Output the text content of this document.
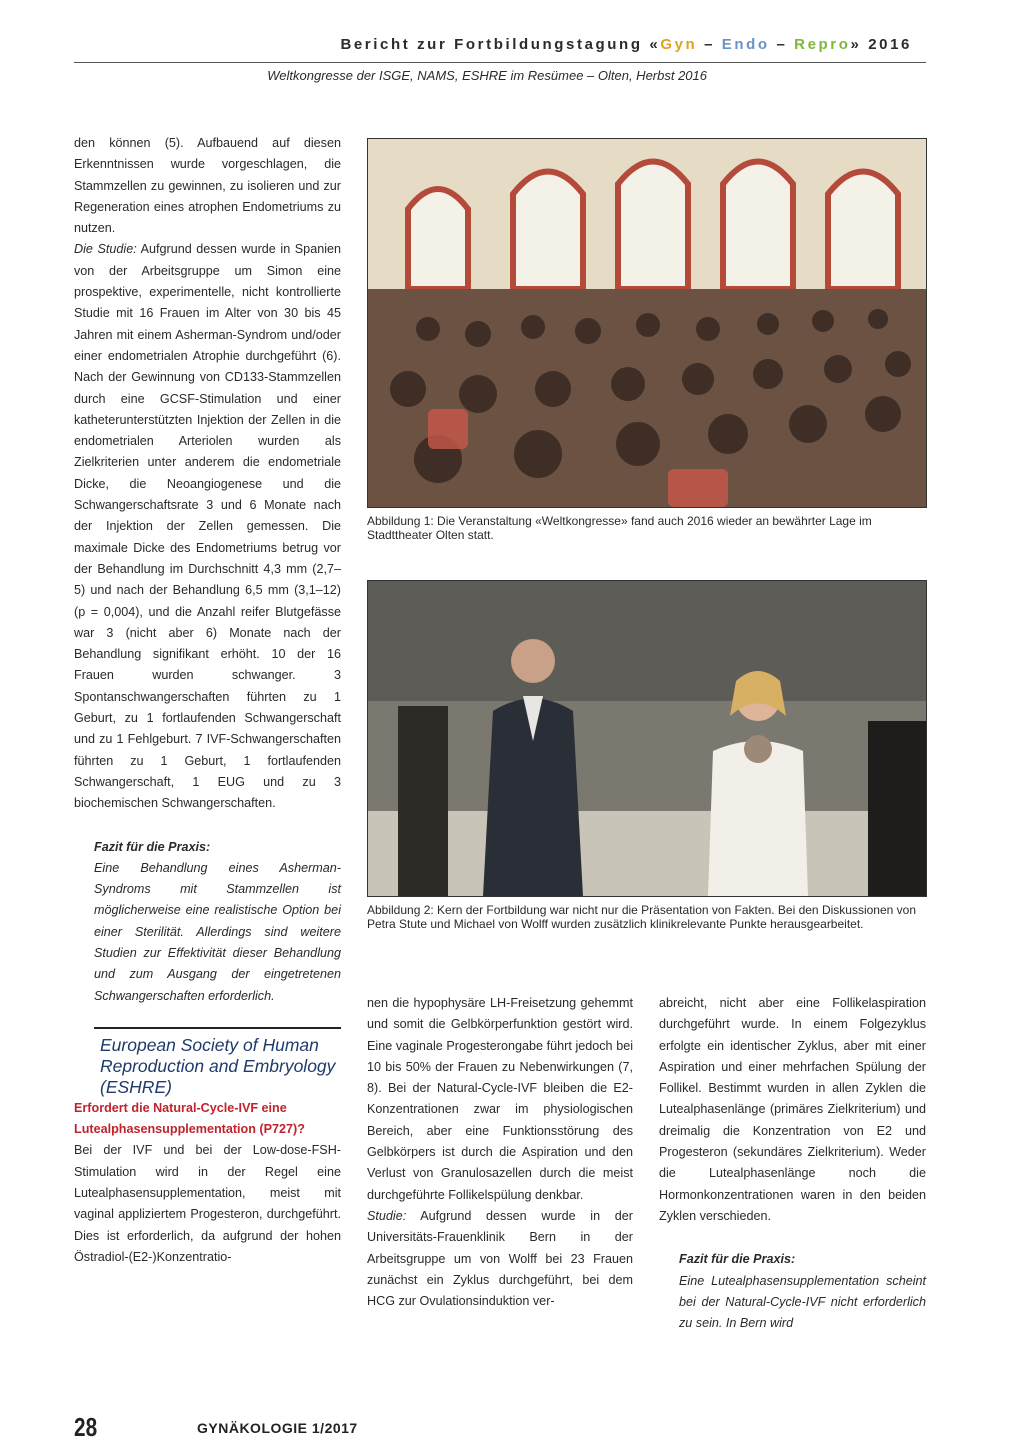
Bericht zur Fortbildungstagung «Gyn – Endo – Repro» 2016
Weltkongresse der ISGE, NAMS, ESHRE im Resümee – Olten, Herbst 2016

den können (5). Aufbauend auf diesen Erkenntnissen wurde vorgeschlagen, die Stammzellen zu gewinnen, zu isolieren und zur Regeneration eines atrophen Endometriums zu nutzen.

Die Studie: Aufgrund dessen wurde in Spanien von der Arbeitsgruppe um Simon eine prospektive, experimentelle, nicht kontrollierte Studie mit 16 Frauen im Alter von 30 bis 45 Jahren mit einem Asherman-Syndrom und/oder einer endometrialen Atrophie durchgeführt (6). Nach der Gewinnung von CD133-Stammzellen durch eine GCSF-Stimulation und einer katheterunterstützten Injektion der Zellen in die endometrialen Arteriolen wurden als Zielkriterien unter anderem die endometriale Dicke, die Neoangiogenese und die Schwangerschaftsrate 3 und 6 Monate nach der Injektion der Zellen gemessen. Die maximale Dicke des Endometriums betrug vor der Behandlung im Durchschnitt 4,3 mm (2,7–5) und nach der Behandlung 6,5 mm (3,1–12) (p = 0,004), und die Anzahl reifer Blutgefässe war 3 (nicht aber 6) Monate nach der Behandlung signifikant erhöht. 10 der 16 Frauen wurden schwanger. 3 Spontanschwangerschaften führten zu 1 Geburt, zu 1 fortlaufenden Schwangerschaft und zu 1 Fehlgeburt. 7 IVF-Schwangerschaften führten zu 1 Geburt, 1 fortlaufenden Schwangerschaft, 1 EUG und zu 3 biochemischen Schwangerschaften.

Fazit für die Praxis:
Eine Behandlung eines Asherman-Syndroms mit Stammzellen ist möglicherweise eine realistische Option bei einer Sterilität. Allerdings sind weitere Studien zur Effektivität dieser Behandlung und zum Ausgang der eingetretenen Schwangerschaften erforderlich.
European Society of Human Reproduction and Embryology (ESHRE)
Erfordert die Natural-Cycle-IVF eine Lutealphasensupplementation (P727)?

Bei der IVF und bei der Low-dose-FSH-Stimulation wird in der Regel eine Lutealphasensupplementation, meist mit vaginal appliziertem Progesteron, durchgeführt. Dies ist erforderlich, da aufgrund der hohen Östradiol-(E2-)Konzentratio-

Abbildung 1: Die Veranstaltung «Weltkongresse» fand auch 2016 wieder an bewährter Lage im Stadttheater Olten statt.
Abbildung 2: Kern der Fortbildung war nicht nur die Präsentation von Fakten. Bei den Diskussionen von Petra Stute und Michael von Wolff wurden zusätzlich klinikrelevante Punkte herausgearbeitet.

nen die hypophysäre LH-Freisetzung gehemmt und somit die Gelbkörperfunktion gestört wird. Eine vaginale Progesterongabe führt jedoch bei 10 bis 50% der Frauen zu Nebenwirkungen (7, 8). Bei der Natural-Cycle-IVF bleiben die E2-Konzentrationen zwar im physiologischen Bereich, aber eine Funktionsstörung des Gelbkörpers ist durch die Aspiration und den Verlust von Granulosazellen durch die meist durchgeführte Follikelspülung denkbar.

Studie: Aufgrund dessen wurde in der Universitäts-Frauenklinik Bern in der Arbeitsgruppe um von Wolff bei 23 Frauen zunächst ein Zyklus durchgeführt, bei dem HCG zur Ovulationsinduktion ver-

abreicht, nicht aber eine Follikelaspiration durchgeführt wurde. In einem Folgezyklus erfolgte ein identischer Zyklus, aber mit einer Aspiration und einer mehrfachen Spülung der Follikel. Bestimmt wurden in allen Zyklen die Lutealphasenlänge (primäres Zielkriterium) und dreimalig die Konzentration von E2 und Progesteron (sekundäres Zielkriterium). Weder die Lutealphasenlänge noch die Hormonkonzentrationen waren in den beiden Zyklen verschieden.

Fazit für die Praxis:
Eine Lutealphasensupplementation scheint bei der Natural-Cycle-IVF nicht erforderlich zu sein. In Bern wird
28	GYNÄKOLOGIE 1/2017
